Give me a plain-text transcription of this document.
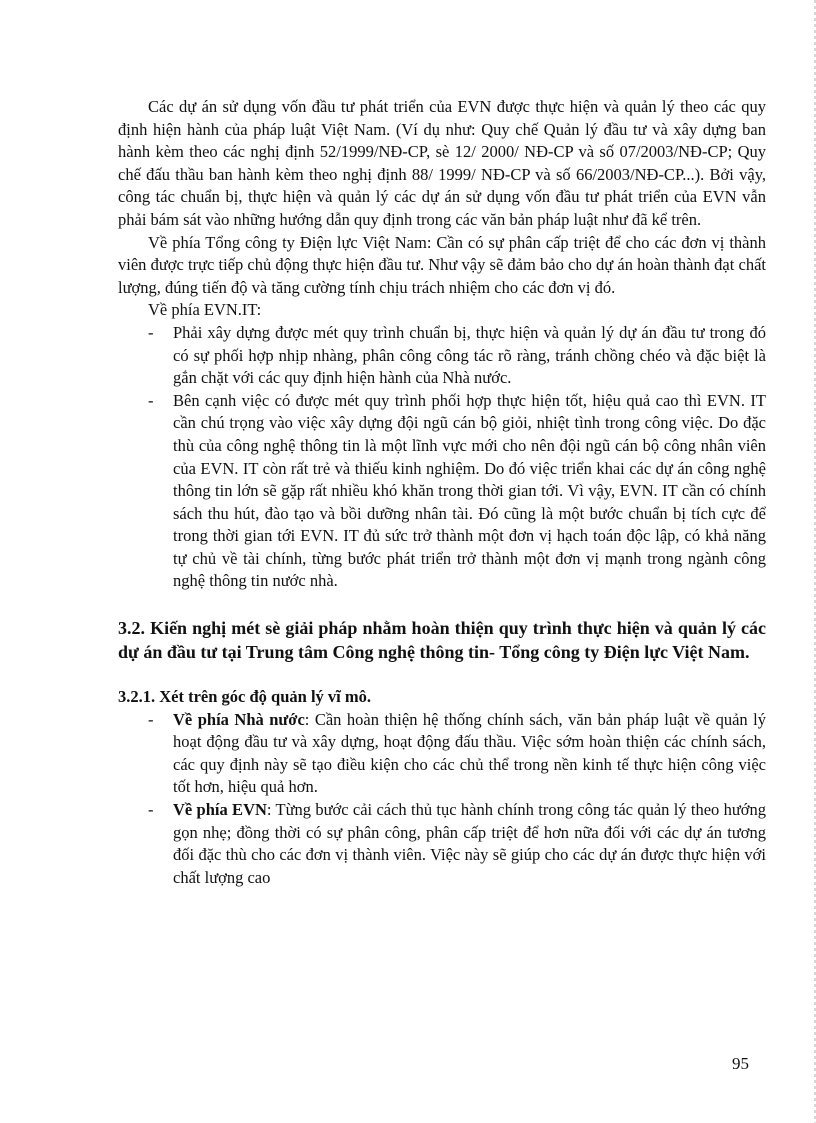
Các dự án sử dụng vốn đầu tư phát triển của EVN được thực hiện và quản lý theo các quy định hiện hành của pháp luật Việt Nam. (Ví dụ như: Quy chế Quản lý đầu tư và xây dựng ban hành kèm theo các nghị định 52/1999/NĐ-CP, sè 12/ 2000/ NĐ-CP và số 07/2003/NĐ-CP; Quy chế đấu thầu ban hành kèm theo nghị định 88/ 1999/ NĐ-CP và số 66/2003/NĐ-CP...). Bởi vậy, công tác chuẩn bị, thực hiện và quản lý các dự án sử dụng vốn đầu tư phát triển của EVN vẫn phải bám sát vào những hướng dẫn quy định trong các văn bản pháp luật như đã kể trên.

Về phía Tổng công ty Điện lực Việt Nam: Cần có sự phân cấp triệt để cho các đơn vị thành viên được trực tiếp chủ động thực hiện đầu tư. Như vậy sẽ đảm bảo cho dự án hoàn thành đạt chất lượng, đúng tiến độ và tăng cường tính chịu trách nhiệm cho các đơn vị đó.

Về phía EVN.IT:

- Phải xây dựng được mét quy trình chuẩn bị, thực hiện và quản lý dự án đầu tư trong đó có sự phối hợp nhịp nhàng, phân công công tác rõ ràng, tránh chồng chéo và đặc biệt là gắn chặt với các quy định hiện hành của Nhà nước.
- Bên cạnh việc có được mét quy trình phối hợp thực hiện tốt, hiệu quả cao thì EVN. IT cần chú trọng vào việc xây dựng đội ngũ cán bộ giỏi, nhiệt tình trong công việc. Do đặc thù của công nghệ thông tin là một lĩnh vực mới cho nên đội ngũ cán bộ công nhân viên của EVN. IT còn rất trẻ và thiếu kinh nghiệm. Do đó việc triển khai các dự án công nghệ thông tin lớn sẽ gặp rất nhiều khó khăn trong thời gian tới. Vì vậy, EVN. IT cần có chính sách thu hút, đào tạo và bồi dưỡng nhân tài. Đó cũng là một bước chuẩn bị tích cực để trong thời gian tới EVN. IT đủ sức trở thành một đơn vị hạch toán độc lập, có khả năng tự chủ về tài chính, từng bước phát triển trở thành một đơn vị mạnh trong ngành công nghệ thông tin nước nhà.
3.2. Kiến nghị mét sè giải pháp nhằm hoàn thiện quy trình thực hiện và quản lý các dự án đầu tư tại Trung tâm Công nghệ thông tin- Tổng công ty Điện lực Việt Nam.
3.2.1. Xét trên góc độ quản lý vĩ mô.
- Về phía Nhà nước: Cần hoàn thiện hệ thống chính sách, văn bản pháp luật về quản lý hoạt động đầu tư và xây dựng, hoạt động đấu thầu. Việc sớm hoàn thiện các chính sách, các quy định này sẽ tạo điều kiện cho các chủ thể trong nền kinh tế thực hiện công việc tốt hơn, hiệu quả hơn.
- Về phía EVN: Từng bước cải cách thủ tục hành chính trong công tác quản lý theo hướng gọn nhẹ; đồng thời có sự phân công, phân cấp triệt để hơn nữa đối với các dự án tương đối đặc thù cho các đơn vị thành viên. Việc này sẽ giúp cho các dự án được thực hiện với chất lượng cao
95
